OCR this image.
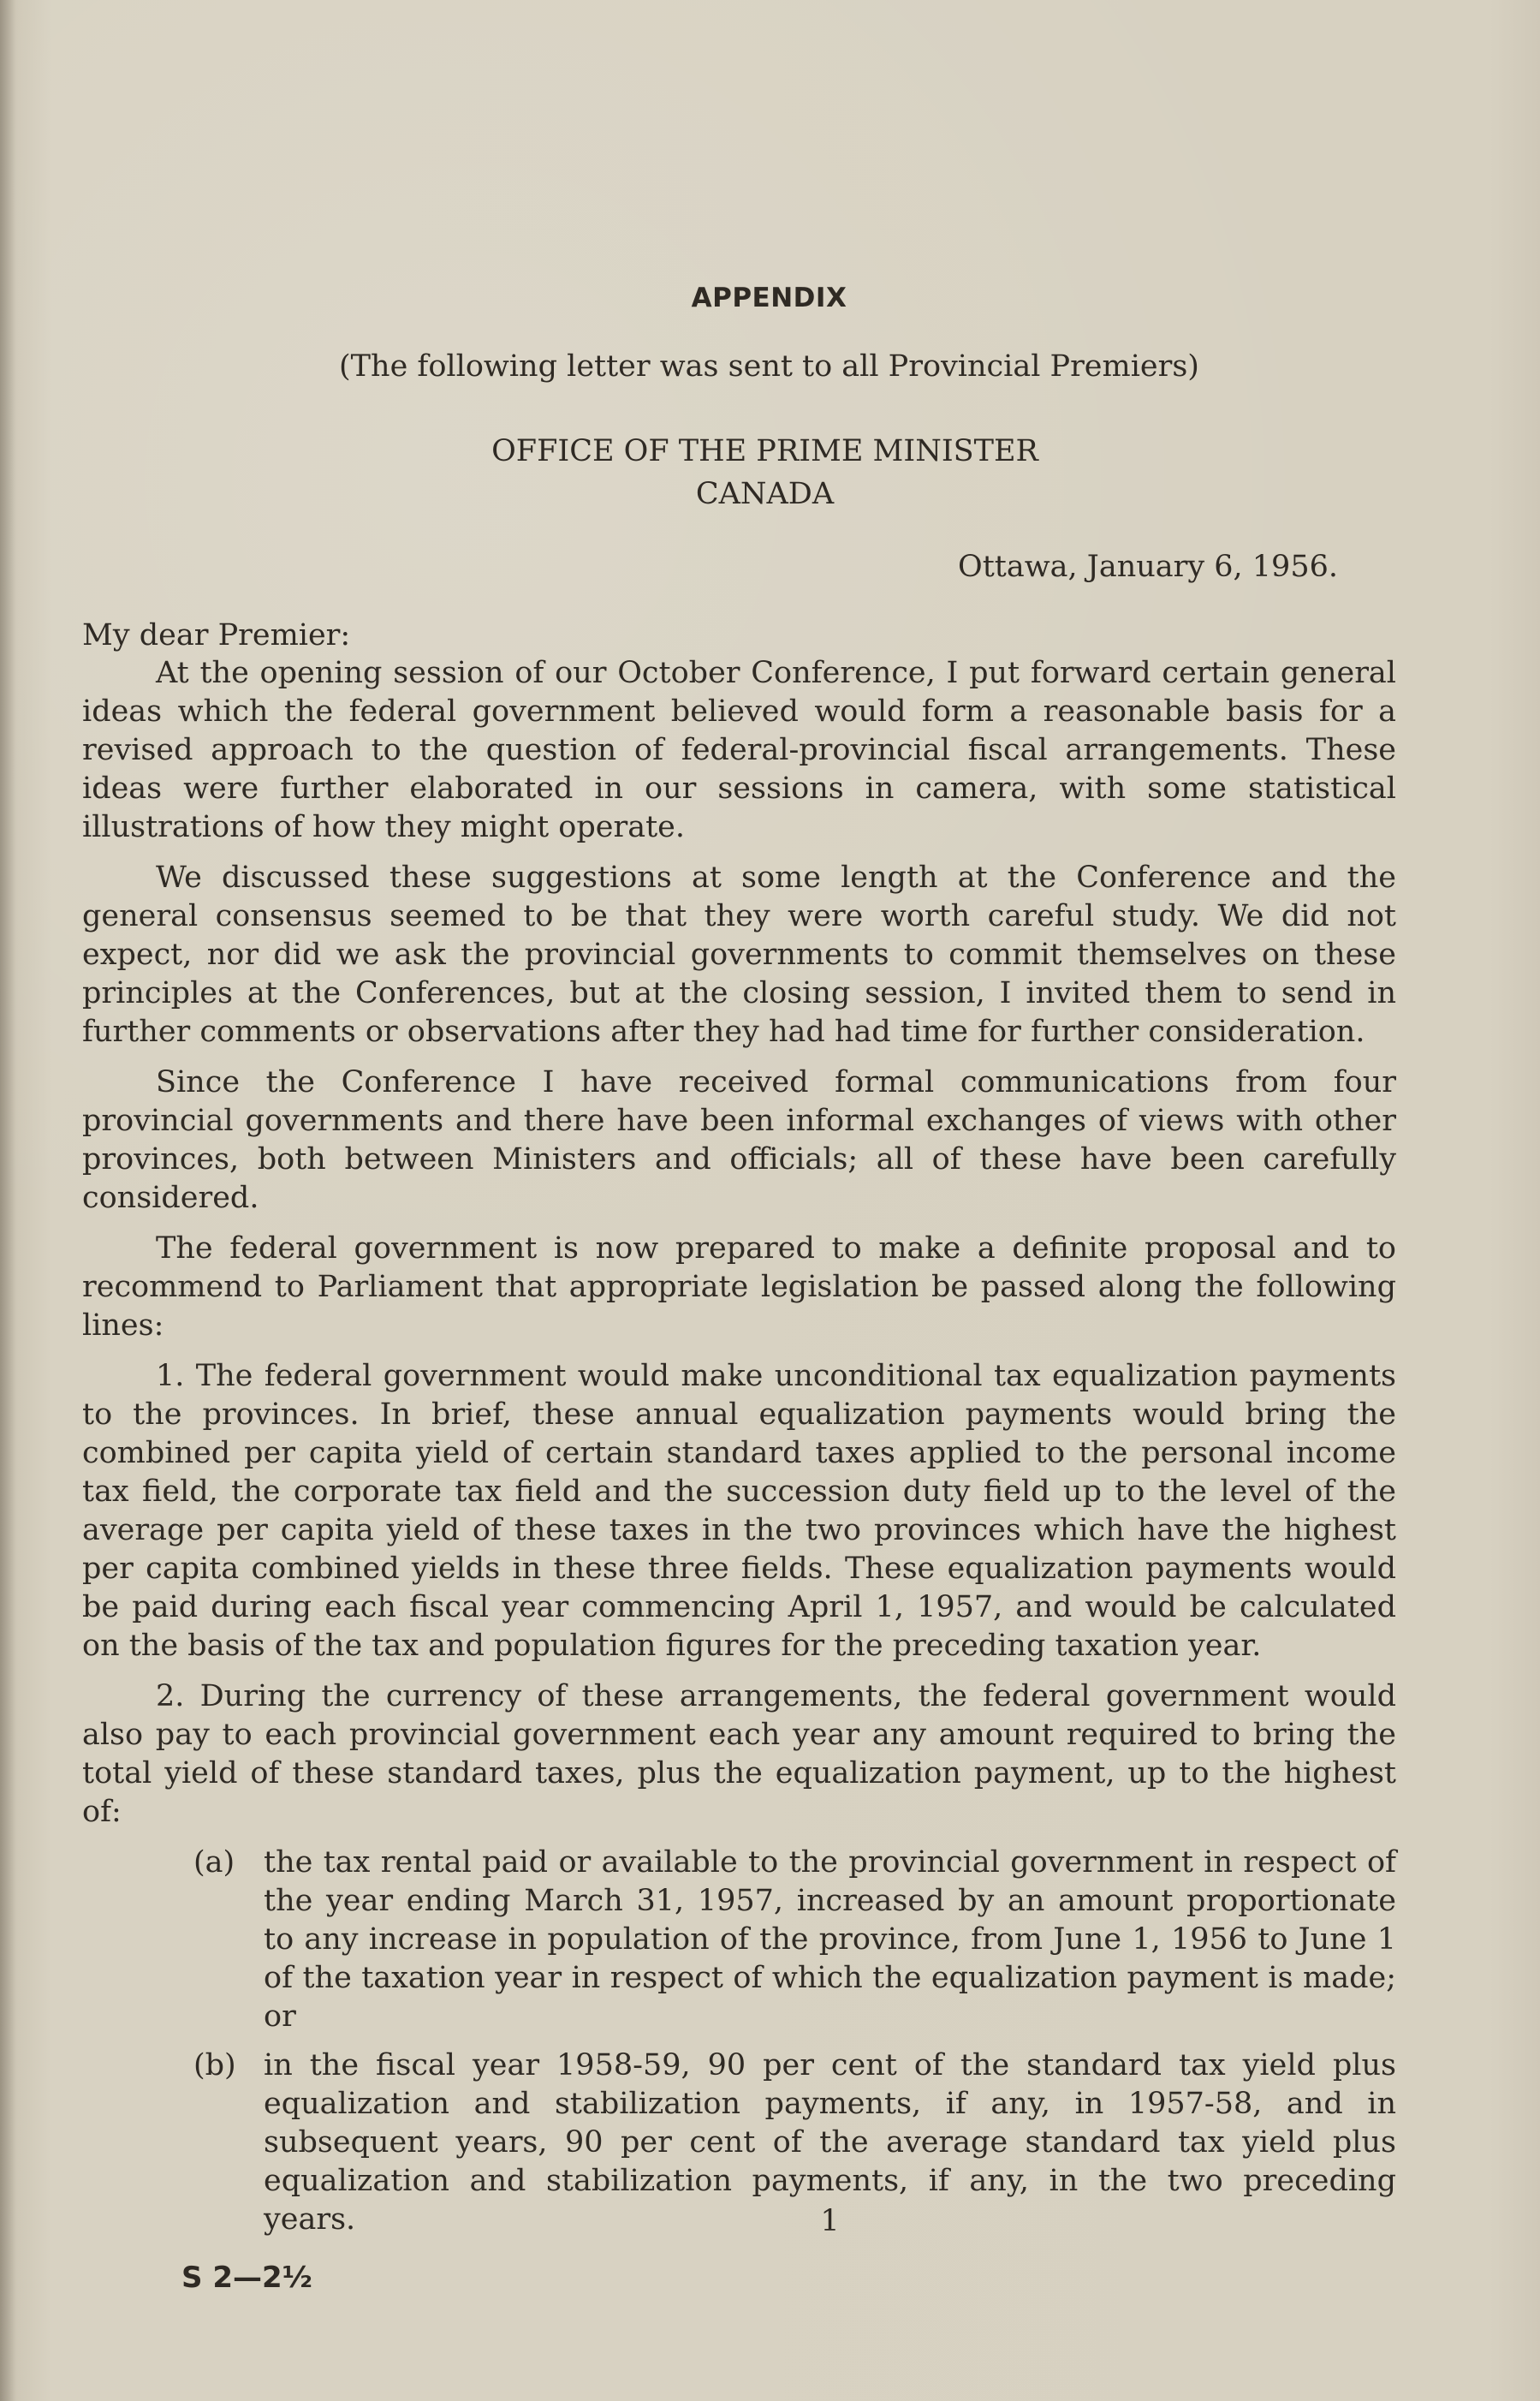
APPENDIX
(The following letter was sent to all Provincial Premiers)
OFFICE OF THE PRIME MINISTER
CANADA
Ottawa, January 6, 1956.
My dear Premier:

At the opening session of our October Conference, I put forward certain general ideas which the federal government believed would form a reasonable basis for a revised approach to the question of federal-provincial fiscal arrangements. These ideas were further elaborated in our sessions in camera, with some statistical illustrations of how they might operate.

We discussed these suggestions at some length at the Conference and the general consensus seemed to be that they were worth careful study. We did not expect, nor did we ask the provincial governments to commit themselves on these principles at the Conferences, but at the closing session, I invited them to send in further comments or observations after they had had time for further consideration.

Since the Conference I have received formal communications from four provincial governments and there have been informal exchanges of views with other provinces, both between Ministers and officials; all of these have been carefully considered.

The federal government is now prepared to make a definite proposal and to recommend to Parliament that appropriate legislation be passed along the following lines:

1. The federal government would make unconditional tax equalization payments to the provinces. In brief, these annual equalization payments would bring the combined per capita yield of certain standard taxes applied to the personal income tax field, the corporate tax field and the succession duty field up to the level of the average per capita yield of these taxes in the two provinces which have the highest per capita combined yields in these three fields. These equalization payments would be paid during each fiscal year commencing April 1, 1957, and would be calculated on the basis of the tax and population figures for the preceding taxation year.

2. During the currency of these arrangements, the federal government would also pay to each provincial government each year any amount required to bring the total yield of these standard taxes, plus the equalization payment, up to the highest of:

(a) the tax rental paid or available to the provincial government in respect of the year ending March 31, 1957, increased by an amount proportionate to any increase in population of the province, from June 1, 1956 to June 1 of the taxation year in respect of which the equalization payment is made; or
(b) in the fiscal year 1958-59, 90 per cent of the standard tax yield plus equalization and stabilization payments, if any, in 1957-58, and in subsequent years, 90 per cent of the average standard tax yield plus equalization and stabilization payments, if any, in the two preceding years.	1
S 2—2½
